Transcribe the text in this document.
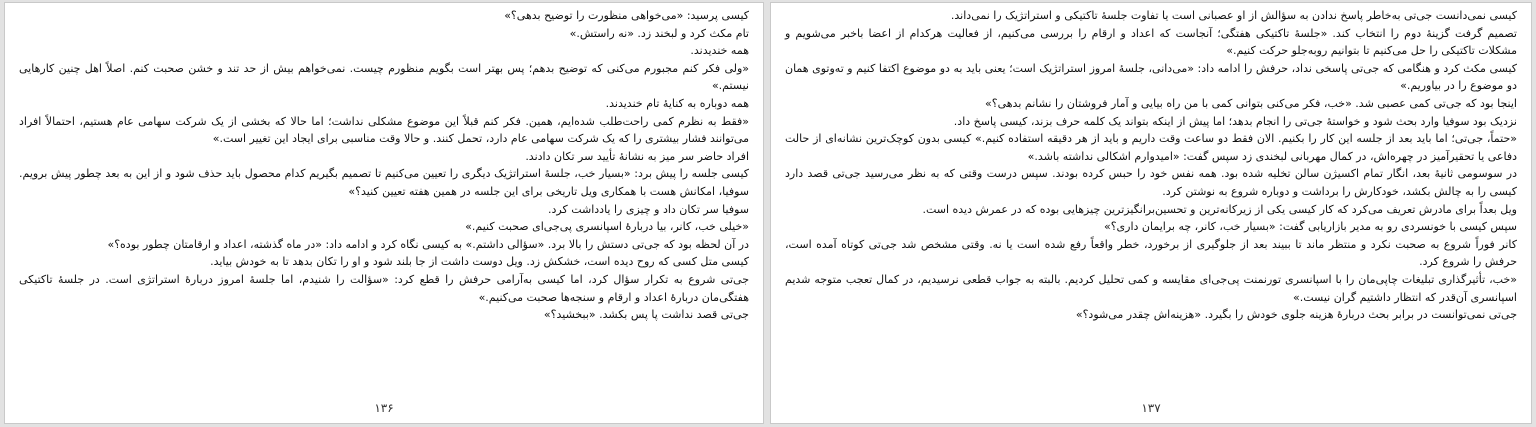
کیسی پرسید: «می‌خواهی منظورت را توضیح بدهی؟»

تام مکث کرد و لبخند زد. «نه راستش.»

همه خندیدند.

«ولی فکر کنم مجبورم می‌کنی که توضیح بدهم؛ پس بهتر است بگویم منظورم چیست. نمی‌خواهم بیش از حد تند و خشن صحبت کنم. اصلاً اهل چنین کارهایی نیستم.»

همه دوباره به کنایهٔ تام خندیدند.

«فقط به نظرم کمی راحت‌طلب شده‌ایم، همین. فکر کنم قبلاً این موضوع مشکلی نداشت؛ اما حالا که بخشی از یک شرکت سهامی عام هستیم، احتمالاً افراد می‌توانند فشار بیشتری را که یک شرکت سهامی عام دارد، تحمل کنند. و حالا وقت مناسبی برای ایجاد این تغییر است.»

افراد حاضر سر میز به نشانهٔ تأیید سر تکان دادند.

کیسی جلسه را پیش برد: «بسیار خب، جلسهٔ استراتژیک دیگری را تعیین می‌کنیم تا تصمیم بگیریم کدام محصول باید حذف شود و از این به بعد چطور پیش برویم. سوفیا، امکانش هست با همکاری ویل تاریخی برای این جلسه در همین هفته تعیین کنید؟»

سوفیا سر تکان داد و چیزی را یادداشت کرد.

«خیلی خب، کانر، بیا دربارهٔ اسپانسری پی‌جی‌ای صحبت کنیم.»

در آن لحظه بود که جی‌تی دستش را بالا برد. «سؤالی داشتم.» به کیسی نگاه کرد و ادامه داد: «در ماه گذشته، اعداد و ارقامتان چطور بوده؟»

کیسی متل کسی که روح دیده است، خشکش زد. ویل دوست داشت از جا بلند شود و او را تکان بدهد تا به خودش بیاید.

جی‌تی شروع به تکرار سؤال کرد، اما کیسی به‌آرامی حرفش را قطع کرد: «سؤالت را شنیدم، اما جلسهٔ امروز دربارهٔ استراتژی است. در جلسهٔ تاکتیکی هفتگی‌مان دربارهٔ اعداد و ارقام و سنجه‌ها صحبت می‌کنیم.»

جی‌تی قصد نداشت پا پس بکشد. «ببخشید؟»

۱۳۶

کیسی نمی‌دانست جی‌تی به‌خاطر پاسخ ندادن به سؤالش از او عصبانی است یا تفاوت جلسهٔ تاکتیکی و استراتژیک را نمی‌داند.

تصمیم گرفت گزینهٔ دوم را انتخاب کند. «جلسهٔ تاکتیکی هفتگی؛ آنجاست که اعداد و ارقام را بررسی می‌کنیم، از فعالیت هرکدام از اعضا باخبر می‌شویم و مشکلات تاکتیکی را حل می‌کنیم تا بتوانیم روبه‌جلو حرکت کنیم.»

کیسی مکث کرد و هنگامی که جی‌تی پاسخی نداد، حرفش را ادامه داد: «می‌دانی، جلسهٔ امروز استراتژیک است؛ یعنی باید به دو موضوع اکتفا کنیم و ته‌وتوی همان دو موضوع را در بیاوریم.»

اینجا بود که جی‌تی کمی عصبی شد. «خب، فکر می‌کنی بتوانی کمی با من راه بیایی و آمار فروشتان را نشانم بدهی؟»

نزدیک بود سوفیا وارد بحث شود و خواستهٔ جی‌تی را انجام بدهد؛ اما پیش از اینکه بتواند یک کلمه حرف بزند، کیسی پاسخ داد.

«حتماً، جی‌تی؛ اما باید بعد از جلسه این کار را بکنیم. الان فقط دو ساعت وقت داریم و باید از هر دقیقه استفاده کنیم.» کیسی بدون کوچک‌ترین نشانه‌ای از حالت دفاعی یا تحقیرآمیز در چهره‌اش، در کمال مهربانی لبخندی زد سپس گفت: «امیدوارم اشکالی نداشته باشد.»

در سوسومی ثانیهٔ بعد، انگار تمام اکسیژن سالن تخلیه شده بود. همه نفس خود را حبس کرده بودند. سپس درست وقتی که به نظر می‌رسید جی‌تی قصد دارد کیسی را به چالش بکشد، خودکارش را برداشت و دوباره شروع به نوشتن کرد.

ویل بعداً برای مادرش تعریف می‌کرد که کار کیسی یکی از زیرکانه‌ترین و تحسین‌برانگیزترین چیزهایی بوده که در عمرش دیده است.

سپس کیسی با خونسردی رو به مدیر بازاریابی گفت: «بسیار خب، کانر، چه برایمان داری؟»

کانر فوراً شروع به صحبت نکرد و منتظر ماند تا ببیند بعد از جلوگیری از برخورد، خطر واقعاً رفع شده است یا نه. وقتی مشخص شد جی‌تی کوتاه آمده است، حرفش را شروع کرد.

«خب، تأثیرگذاری تبلیغات چاپی‌مان را با اسپانسری تورنمنت پی‌جی‌ای مقایسه و کمی تحلیل کردیم. بالبته به جواب قطعی نرسیدیم، در کمال تعجب متوجه شدیم اسپانسری آن‌قدر که انتظار داشتیم گران نیست.»

جی‌تی نمی‌توانست در برابر بحث دربارهٔ هزینه جلوی خودش را بگیرد. «هزینه‌اش چقدر می‌شود؟»

۱۳۷
